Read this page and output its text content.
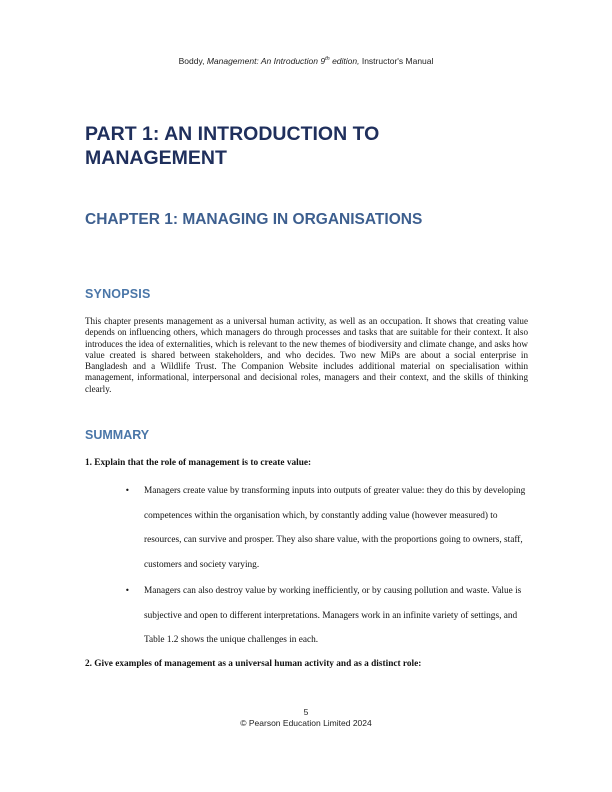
Boddy, Management: An Introduction 9th edition, Instructor's Manual
PART 1: AN INTRODUCTION TO MANAGEMENT
CHAPTER 1: MANAGING IN ORGANISATIONS
SYNOPSIS

This chapter presents management as a universal human activity, as well as an occupation. It shows that creating value depends on influencing others, which managers do through processes and tasks that are suitable for their context. It also introduces the idea of externalities, which is relevant to the new themes of biodiversity and climate change, and asks how value created is shared between stakeholders, and who decides. Two new MiPs are about a social enterprise in Bangladesh and a Wildlife Trust. The Companion Website includes additional material on specialisation within management, informational, interpersonal and decisional roles, managers and their context, and the skills of thinking clearly.

SUMMARY

1. Explain that the role of management is to create value:

• Managers create value by transforming inputs into outputs of greater value: they do this by developing competences within the organisation which, by constantly adding value (however measured) to resources, can survive and prosper. They also share value, with the proportions going to owners, staff, customers and society varying.

• Managers can also destroy value by working inefficiently, or by causing pollution and waste. Value is subjective and open to different interpretations. Managers work in an infinite variety of settings, and Table 1.2 shows the unique challenges in each.

2. Give examples of management as a universal human activity and as a distinct role:

5
© Pearson Education Limited 2024
